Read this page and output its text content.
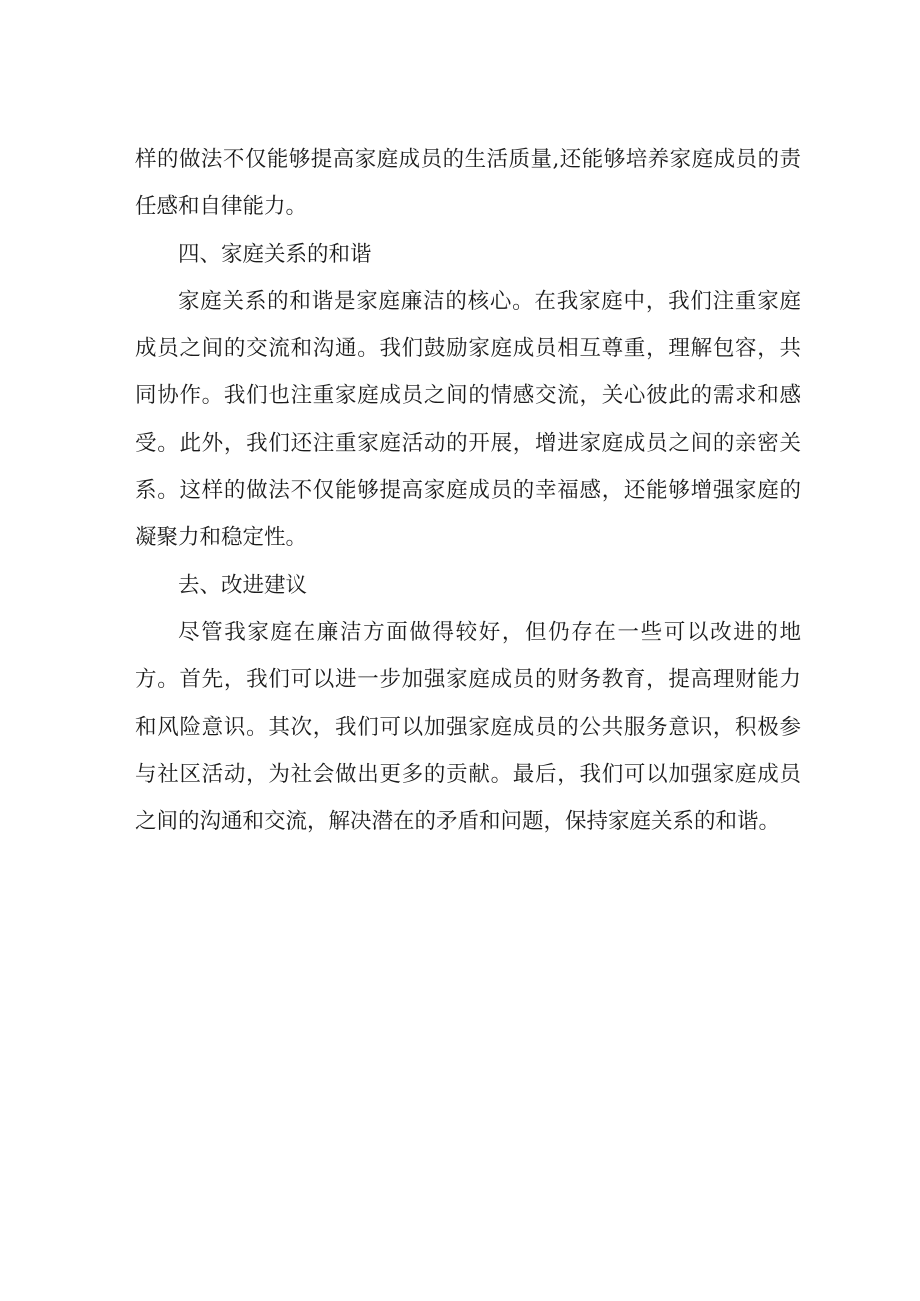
样的做法不仅能够提高家庭成员的生活质量,还能够培养家庭成员的责任感和自律能力。

四、家庭关系的和谐

家庭关系的和谐是家庭廉洁的核心。在我家庭中，我们注重家庭成员之间的交流和沟通。我们鼓励家庭成员相互尊重，理解包容，共同协作。我们也注重家庭成员之间的情感交流，关心彼此的需求和感受。此外，我们还注重家庭活动的开展，增进家庭成员之间的亲密关系。这样的做法不仅能够提高家庭成员的幸福感，还能够增强家庭的凝聚力和稳定性。

去、改进建议

尽管我家庭在廉洁方面做得较好，但仍存在一些可以改进的地方。首先，我们可以进一步加强家庭成员的财务教育，提高理财能力和风险意识。其次，我们可以加强家庭成员的公共服务意识，积极参与社区活动，为社会做出更多的贡献。最后，我们可以加强家庭成员之间的沟通和交流，解决潜在的矛盾和问题，保持家庭关系的和谐。
